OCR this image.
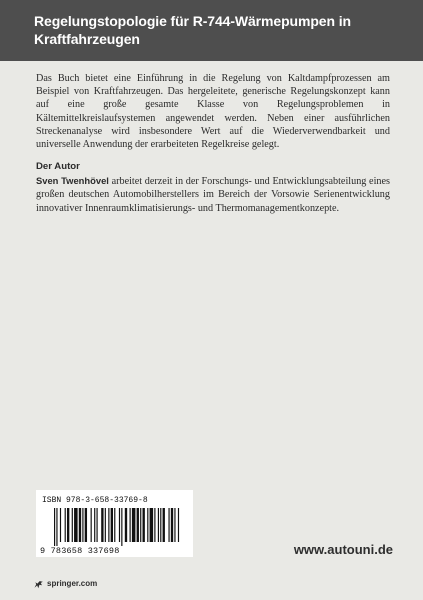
Regelungstopologie für R-744-Wärmepumpen in Kraftfahrzeugen

Das Buch bietet eine Einführung in die Regelung von Kaltdampfprozessen am Beispiel von Kraftfahrzeugen. Das hergeleitete, generische Regelungskonzept kann auf eine große gesamte Klasse von Regelungsproblemen in Kältemittelkreislaufsystemen angewendet werden. Neben einer ausführlichen Streckenanalyse wird insbesondere Wert auf die Wiederverwendbarkeit und universelle Anwendung der erarbeiteten Regelkreise gelegt.

Der Autor

Sven Twenhövel arbeitet derzeit in der Forschungs- und Entwicklungsabteilung eines großen deutschen Automobilherstellers im Bereich der Vorsowie Serienentwicklung innovativer Innenraumklimatisierungs- und Thermomanagementkonzepte.

ISBN 978-3-658-33769-8
9 783658 337698	www.autouni.de
springer.com
